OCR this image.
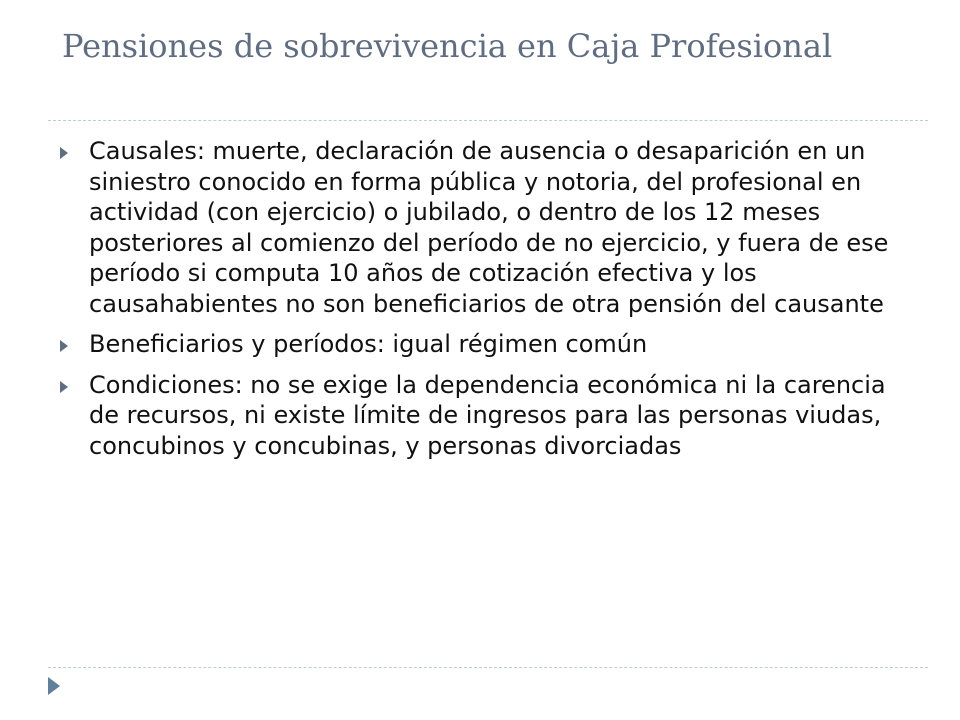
Pensiones de sobrevivencia en Caja Profesional
Causales: muerte, declaración de ausencia o desaparición en un siniestro conocido en forma pública y notoria, del profesional en actividad (con ejercicio) o jubilado, o dentro de los 12 meses posteriores al comienzo del período de no ejercicio, y fuera de ese período si computa 10 años de cotización efectiva y los causahabientes no son beneficiarios de otra pensión del causante
Beneficiarios y períodos: igual régimen común
Condiciones: no se exige la dependencia económica ni la carencia de recursos, ni existe límite de ingresos para las personas viudas, concubinos y concubinas, y personas divorciadas
